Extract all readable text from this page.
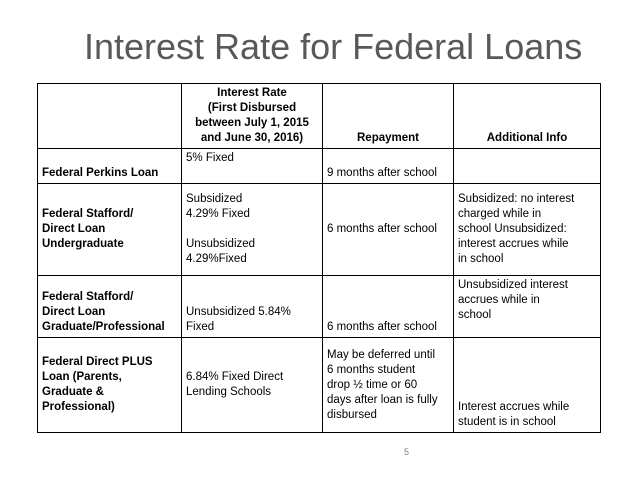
Interest Rate for Federal Loans
	Interest Rate
(First Disbursed
between July 1, 2015
and June 30, 2016)	Repayment	Additional Info
Federal Perkins Loan	5% Fixed	9 months after school	
Federal Stafford/
Direct Loan
Undergraduate	Subsidized
4.29% Fixed

Unsubsidized
4.29%Fixed	6 months after school	Subsidized: no interest
charged while in
school Unsubsidized:
interest accrues while
in school
Federal Stafford/
Direct Loan
Graduate/Professional	Unsubsidized 5.84%
Fixed	6 months after school	Unsubsidized interest
accrues while in
school
Federal Direct PLUS
Loan (Parents,
Graduate &
Professional)	6.84% Fixed Direct
Lending Schools	May be deferred until
6 months student
drop ½ time or 60
days after loan is fully
disbursed	Interest accrues while
student is in school
5
